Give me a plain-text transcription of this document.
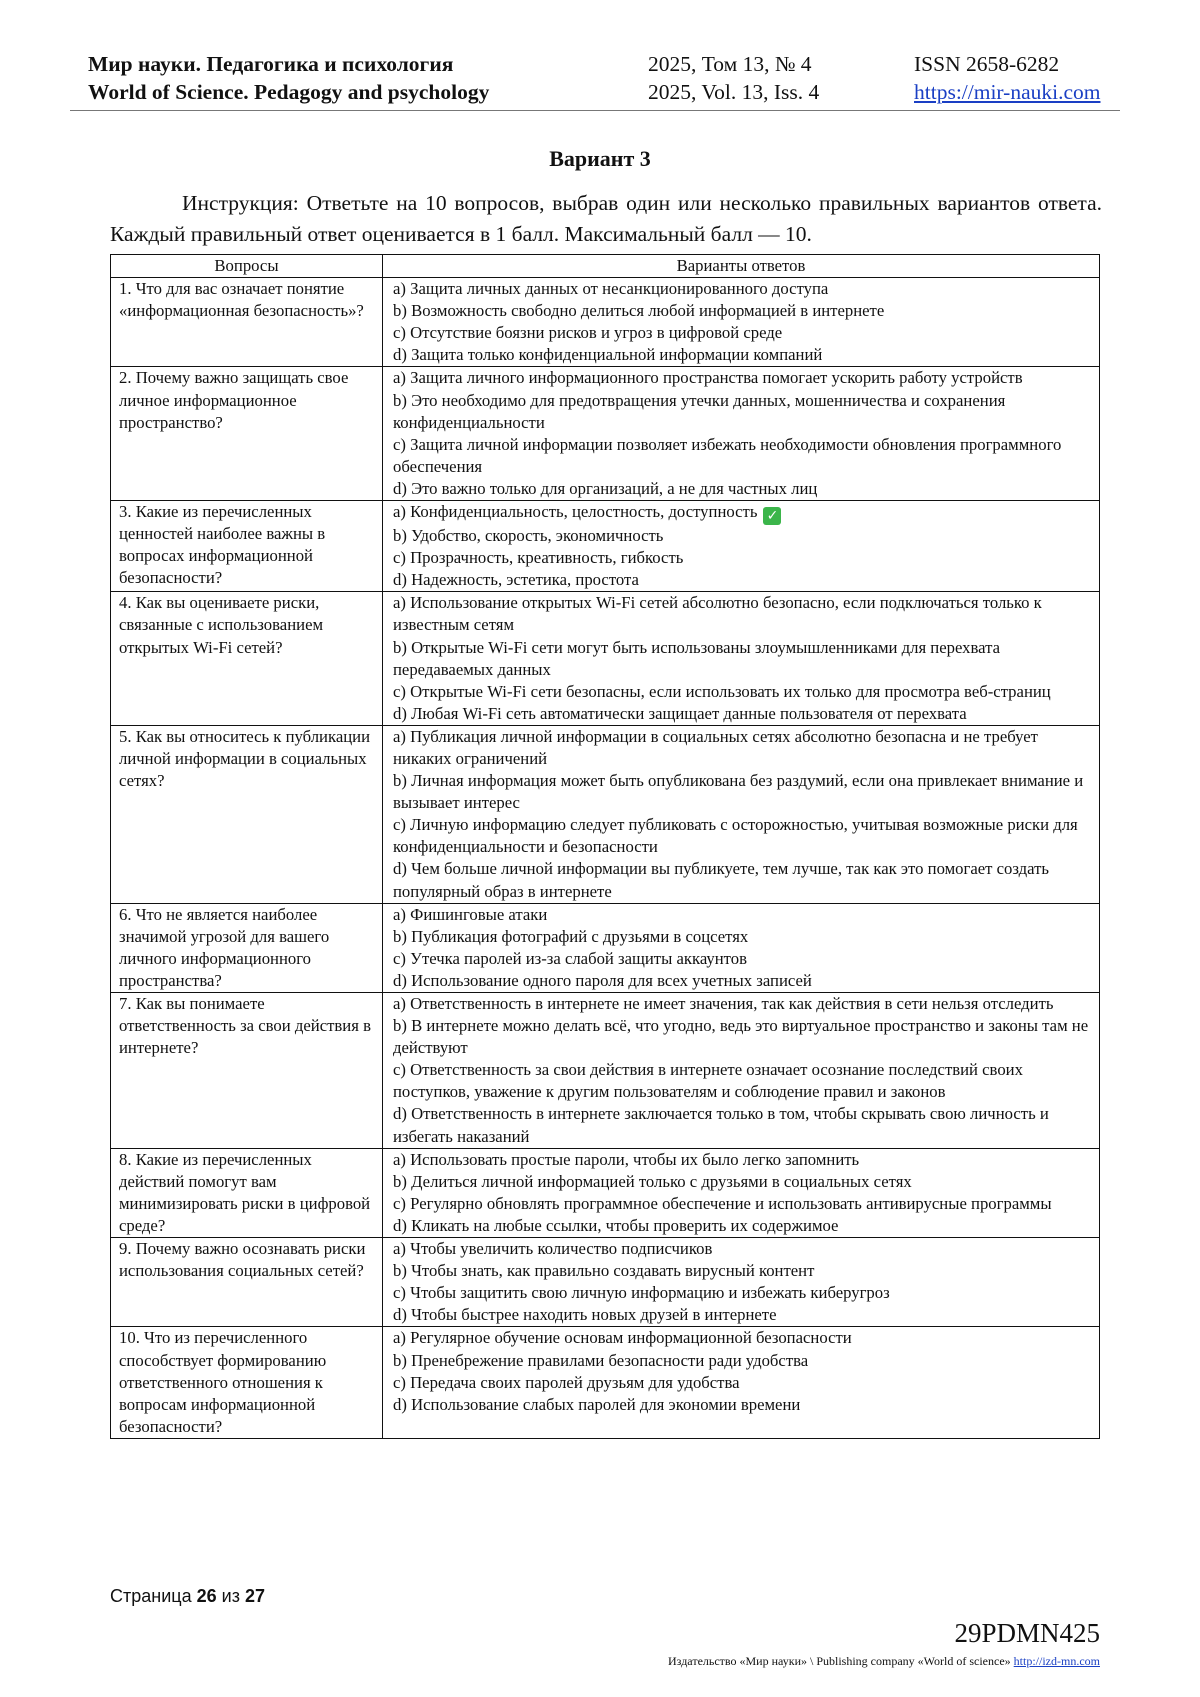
Мир науки. Педагогика и психология	2025, Том 13, № 4	ISSN 2658-6282
World of Science. Pedagogy and psychology	2025, Vol. 13, Iss. 4	https://mir-nauki.com
Вариант 3

Инструкция: Ответьте на 10 вопросов, выбрав один или несколько правильных вариантов ответа. Каждый правильный ответ оценивается в 1 балл. Максимальный балл — 10.

Вопросы	Варианты ответов
1. Что для вас означает понятие «информационная безопасность»?	a) Защита личных данных от несанкционированного доступа
b) Возможность свободно делиться любой информацией в интернете
c) Отсутствие боязни рисков и угроз в цифровой среде
d) Защита только конфиденциальной информации компаний

2. Почему важно защищать свое личное информационное пространство?	a) Защита личного информационного пространства помогает ускорить работу устройств
b) Это необходимо для предотвращения утечки данных, мошенничества и сохранения конфиденциальности
c) Защита личной информации позволяет избежать необходимости обновления программного обеспечения
d) Это важно только для организаций, а не для частных лиц

3. Какие из перечисленных ценностей наиболее важны в вопросах информационной безопасности?	a) Конфиденциальность, целостность, доступность ✓
b) Удобство, скорость, экономичность
c) Прозрачность, креативность, гибкость
d) Надежность, эстетика, простота

4. Как вы оцениваете риски, связанные с использованием открытых Wi-Fi сетей?	a) Использование открытых Wi-Fi сетей абсолютно безопасно, если подключаться только к известным сетям
b) Открытые Wi-Fi сети могут быть использованы злоумышленниками для перехвата передаваемых данных
c) Открытые Wi-Fi сети безопасны, если использовать их только для просмотра веб-страниц
d) Любая Wi-Fi сеть автоматически защищает данные пользователя от перехвата

5. Как вы относитесь к публикации личной информации в социальных сетях?	a) Публикация личной информации в социальных сетях абсолютно безопасна и не требует никаких ограничений
b) Личная информация может быть опубликована без раздумий, если она привлекает внимание и вызывает интерес
c) Личную информацию следует публиковать с осторожностью, учитывая возможные риски для конфиденциальности и безопасности
d) Чем больше личной информации вы публикуете, тем лучше, так как это помогает создать популярный образ в интернете

6. Что не является наиболее значимой угрозой для вашего личного информационного пространства?	a) Фишинговые атаки
b) Публикация фотографий с друзьями в соцсетях
c) Утечка паролей из-за слабой защиты аккаунтов
d) Использование одного пароля для всех учетных записей

7. Как вы понимаете ответственность за свои действия в интернете?	a) Ответственность в интернете не имеет значения, так как действия в сети нельзя отследить
b) В интернете можно делать всё, что угодно, ведь это виртуальное пространство и законы там не действуют
c) Ответственность за свои действия в интернете означает осознание последствий своих поступков, уважение к другим пользователям и соблюдение правил и законов
d) Ответственность в интернете заключается только в том, чтобы скрывать свою личность и избегать наказаний

8. Какие из перечисленных действий помогут вам минимизировать риски в цифровой среде?	a) Использовать простые пароли, чтобы их было легко запомнить
b) Делиться личной информацией только с друзьями в социальных сетях
c) Регулярно обновлять программное обеспечение и использовать антивирусные программы
d) Кликать на любые ссылки, чтобы проверить их содержимое

9. Почему важно осознавать риски использования социальных сетей?	a) Чтобы увеличить количество подписчиков
b) Чтобы знать, как правильно создавать вирусный контент
c) Чтобы защитить свою личную информацию и избежать киберугроз
d) Чтобы быстрее находить новых друзей в интернете

10. Что из перечисленного способствует формированию ответственного отношения к вопросам информационной безопасности?	a) Регулярное обучение основам информационной безопасности
b) Пренебрежение правилами безопасности ради удобства
c) Передача своих паролей друзьям для удобства
d) Использование слабых паролей для экономии времени
Страница 26 из 27
29PDMN425
Издательство «Мир науки» \ Publishing company «World of science» http://izd-mn.com
